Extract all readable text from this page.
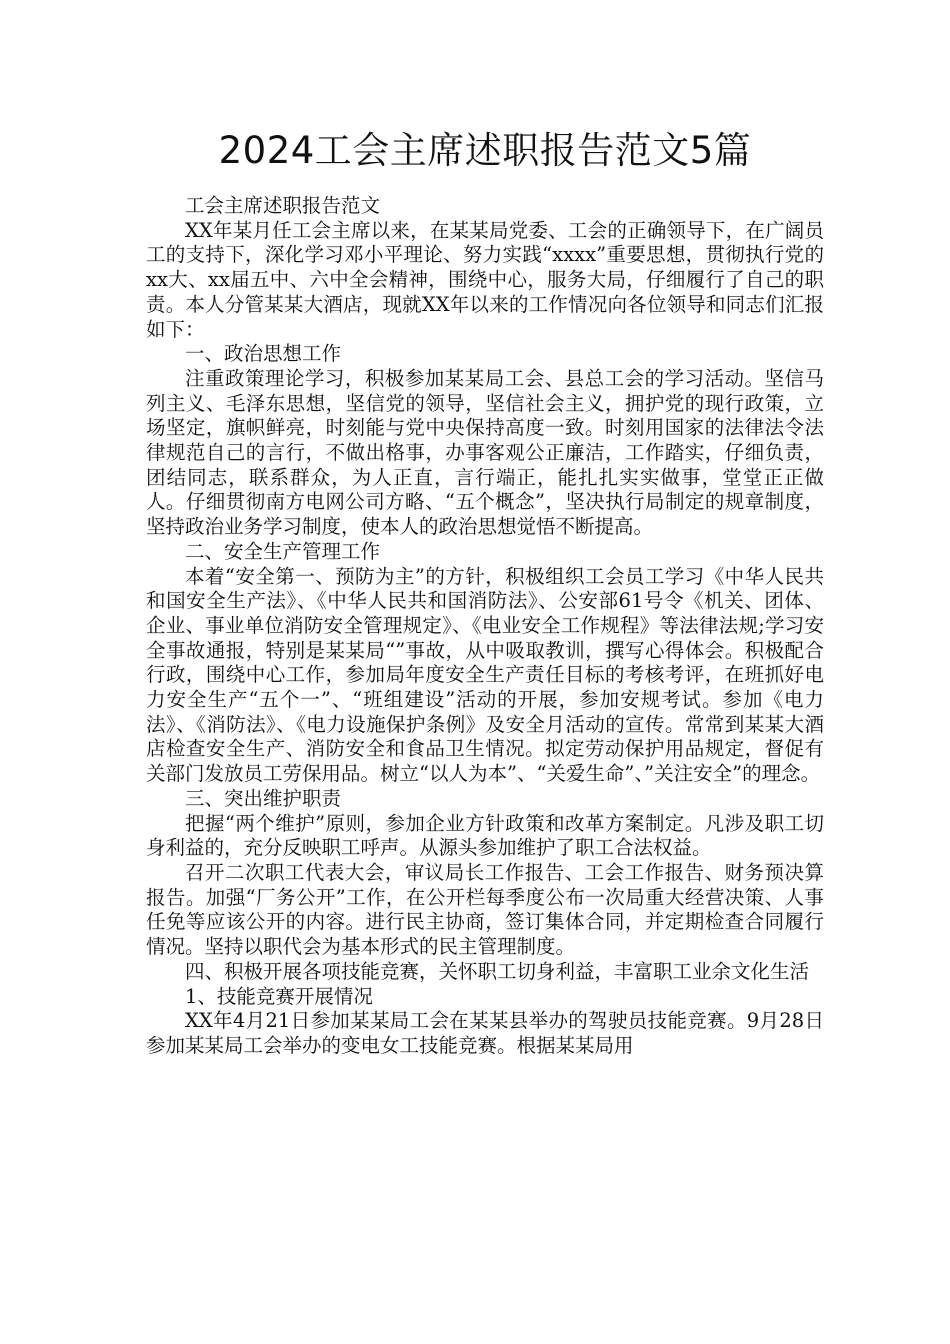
2024工会主席述职报告范文5篇

工会主席述职报告范文

XX年某月任工会主席以来，在某某局党委、工会的正确领导下，在广阔员工的支持下，深化学习邓小平理论、努力实践“xxxx”重要思想，贯彻执行党的xx大、xx届五中、六中全会精神，围绕中心，服务大局，仔细履行了自己的职责。本人分管某某大酒店，现就XX年以来的工作情况向各位领导和同志们汇报如下：

一、政治思想工作

注重政策理论学习，积极参加某某局工会、县总工会的学习活动。坚信马列主义、毛泽东思想，坚信党的领导，坚信社会主义，拥护党的现行政策，立场坚定，旗帜鲜亮，时刻能与党中央保持高度一致。时刻用国家的法律法令法律规范自己的言行，不做出格事，办事客观公正廉洁，工作踏实，仔细负责，团结同志，联系群众，为人正直，言行端正，能扎扎实实做事，堂堂正正做人。仔细贯彻南方电网公司方略、“五个概念”，坚决执行局制定的规章制度，坚持政治业务学习制度，使本人的政治思想觉悟不断提高。

二、安全生产管理工作

本着“安全第一、预防为主”的方针，积极组织工会员工学习《中华人民共和国安全生产法》、《中华人民共和国消防法》、公安部61号令《机关、团体、企业、事业单位消防安全管理规定》、《电业安全工作规程》等法律法规;学习安全事故通报，特别是某某局“”事故，从中吸取教训，撰写心得体会。积极配合行政，围绕中心工作，参加局年度安全生产责任目标的考核考评，在班抓好电力安全生产“五个一”、“班组建设”活动的开展，参加安规考试。参加《电力法》、《消防法》、《电力设施保护条例》及安全月活动的宣传。常常到某某大酒店检查安全生产、消防安全和食品卫生情况。拟定劳动保护用品规定，督促有关部门发放员工劳保用品。树立“以人为本”、“关爱生命”、”关注安全”的理念。

三、突出维护职责

把握“两个维护”原则，参加企业方针政策和改革方案制定。凡涉及职工切身利益的，充分反映职工呼声。从源头参加维护了职工合法权益。

召开二次职工代表大会，审议局长工作报告、工会工作报告、财务预决算报告。加强“厂务公开”工作，在公开栏每季度公布一次局重大经营决策、人事任免等应该公开的内容。进行民主协商，签订集体合同，并定期检查合同履行情况。坚持以职代会为基本形式的民主管理制度。

四、积极开展各项技能竞赛，关怀职工切身利益，丰富职工业余文化生活

1、技能竞赛开展情况

XX年4月21日参加某某局工会在某某县举办的驾驶员技能竞赛。9月28日参加某某局工会举办的变电女工技能竞赛。根据某某局用
